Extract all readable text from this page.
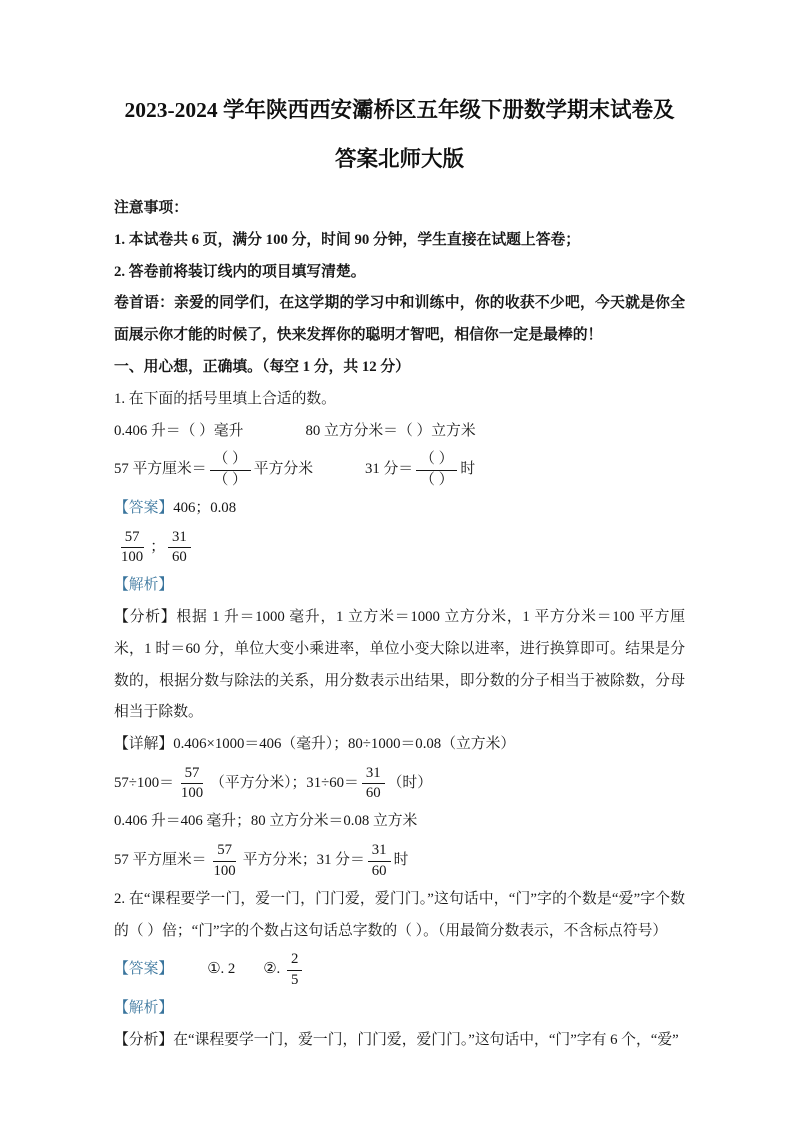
2023-2024 学年陕西西安灞桥区五年级下册数学期末试卷及
答案北师大版

注意事项：

1. 本试卷共 6 页，满分 100 分，时间 90 分钟，学生直接在试题上答卷；

2. 答卷前将装订线内的项目填写清楚。

卷首语：亲爱的同学们，在这学期的学习中和训练中，你的收获不少吧，今天就是你全面展示你才能的时候了，快来发挥你的聪明才智吧，相信你一定是最棒的！

一、用心想，正确填。（每空 1 分，共 12 分）

1. 在下面的括号里填上合适的数。

0.406 升＝（ ）毫升	80 立方分米＝（ ）立方米

57 平方厘米＝ $\frac{( )}{( )}$ 平方分米	31 分＝ $\frac{( )}{( )}$ 时

【答案】406；0.08

$\frac{57}{100}$ ； $\frac{31}{60}$

【解析】

【分析】根据 1 升＝1000 毫升，1 立方米＝1000 立方分米，1 平方分米＝100 平方厘米，1 时＝60 分，单位大变小乘进率，单位小变大除以进率，进行换算即可。结果是分数的，根据分数与除法的关系，用分数表示出结果，即分数的分子相当于被除数，分母相当于除数。

【详解】0.406×1000＝406（毫升）；80÷1000＝0.08（立方米）

$57\div 100= \frac{57}{100}$ （平方分米）；$31\div 60= \frac{31}{60}$ （时）

0.406 升＝406 毫升；80 立方分米＝0.08 立方米

57 平方厘米＝ $\frac{57}{100}$ 平方分米；31 分＝ $\frac{31}{60}$ 时

2. 在“课程要学一门，爱一门，门门爱，爱门门。”这句话中，“门”字的个数是“爱”字个数的（ ）倍；“门”字的个数占这句话总字数的（ ）。（用最简分数表示，不含标点符号）

【答案】 ①. 2 ②. $\frac{2}{5}$

【解析】

【分析】在“课程要学一门，爱一门，门门爱，爱门门。”这句话中，“门”字有 6 个，“爱”
